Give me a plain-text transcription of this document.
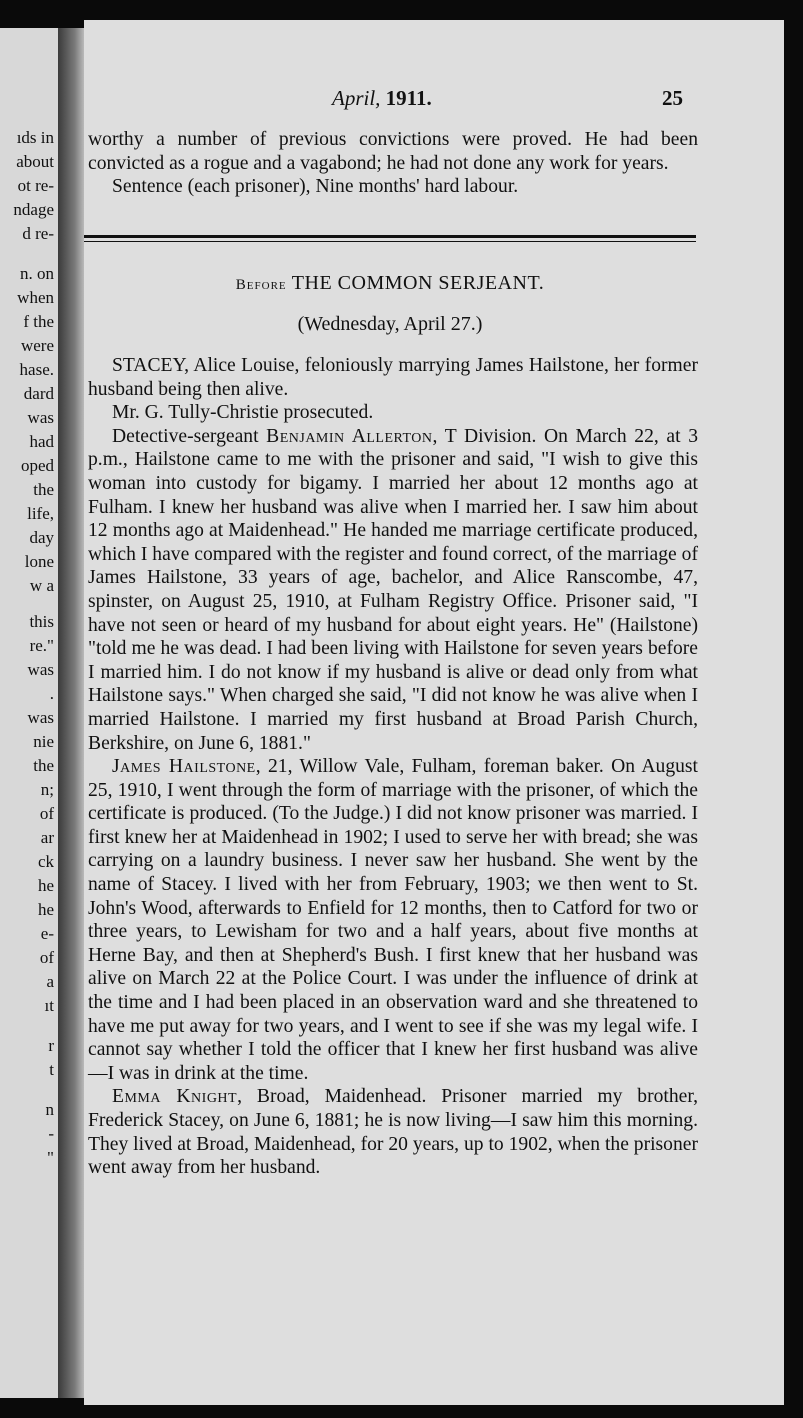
ıds in
about
ot re-
ndage
d re-
n. on
when
f the
were
hase.
dard
was
had
oped
the
life,
day
lone
w a
this
re."
was
.
was
nie
the
n;
of
ar
ck
he
he
e-
of
a
ıt
r
t
n
-
"
April, 1911.	25

worthy a number of previous convictions were proved. He had been convicted as a rogue and a vagabond; he had not done any work for years.

Sentence (each prisoner), Nine months' hard labour.

Before THE COMMON SERJEANT.
(Wednesday, April 27.)

STACEY, Alice Louise, feloniously marrying James Hailstone, her former husband being then alive.

Mr. G. Tully-Christie prosecuted.

Detective-sergeant Benjamin Allerton, T Division. On March 22, at 3 p.m., Hailstone came to me with the prisoner and said, "I wish to give this woman into custody for bigamy. I married her about 12 months ago at Fulham. I knew her husband was alive when I married her. I saw him about 12 months ago at Maidenhead." He handed me marriage certificate produced, which I have compared with the register and found correct, of the marriage of James Hailstone, 33 years of age, bachelor, and Alice Ranscombe, 47, spinster, on August 25, 1910, at Fulham Registry Office. Prisoner said, "I have not seen or heard of my husband for about eight years. He" (Hailstone) "told me he was dead. I had been living with Hailstone for seven years before I married him. I do not know if my husband is alive or dead only from what Hailstone says." When charged she said, "I did not know he was alive when I married Hailstone. I married my first husband at Broad Parish Church, Berkshire, on June 6, 1881."

James Hailstone, 21, Willow Vale, Fulham, foreman baker. On August 25, 1910, I went through the form of marriage with the prisoner, of which the certificate is produced. (To the Judge.) I did not know prisoner was married. I first knew her at Maidenhead in 1902; I used to serve her with bread; she was carrying on a laundry business. I never saw her husband. She went by the name of Stacey. I lived with her from February, 1903; we then went to St. John's Wood, afterwards to Enfield for 12 months, then to Catford for two or three years, to Lewisham for two and a half years, about five months at Herne Bay, and then at Shepherd's Bush. I first knew that her husband was alive on March 22 at the Police Court. I was under the influence of drink at the time and I had been placed in an observation ward and she threatened to have me put away for two years, and I went to see if she was my legal wife. I cannot say whether I told the officer that I knew her first husband was alive—I was in drink at the time.

Emma Knight, Broad, Maidenhead. Prisoner married my brother, Frederick Stacey, on June 6, 1881; he is now living—I saw him this morning. They lived at Broad, Maidenhead, for 20 years, up to 1902, when the prisoner went away from her husband.
